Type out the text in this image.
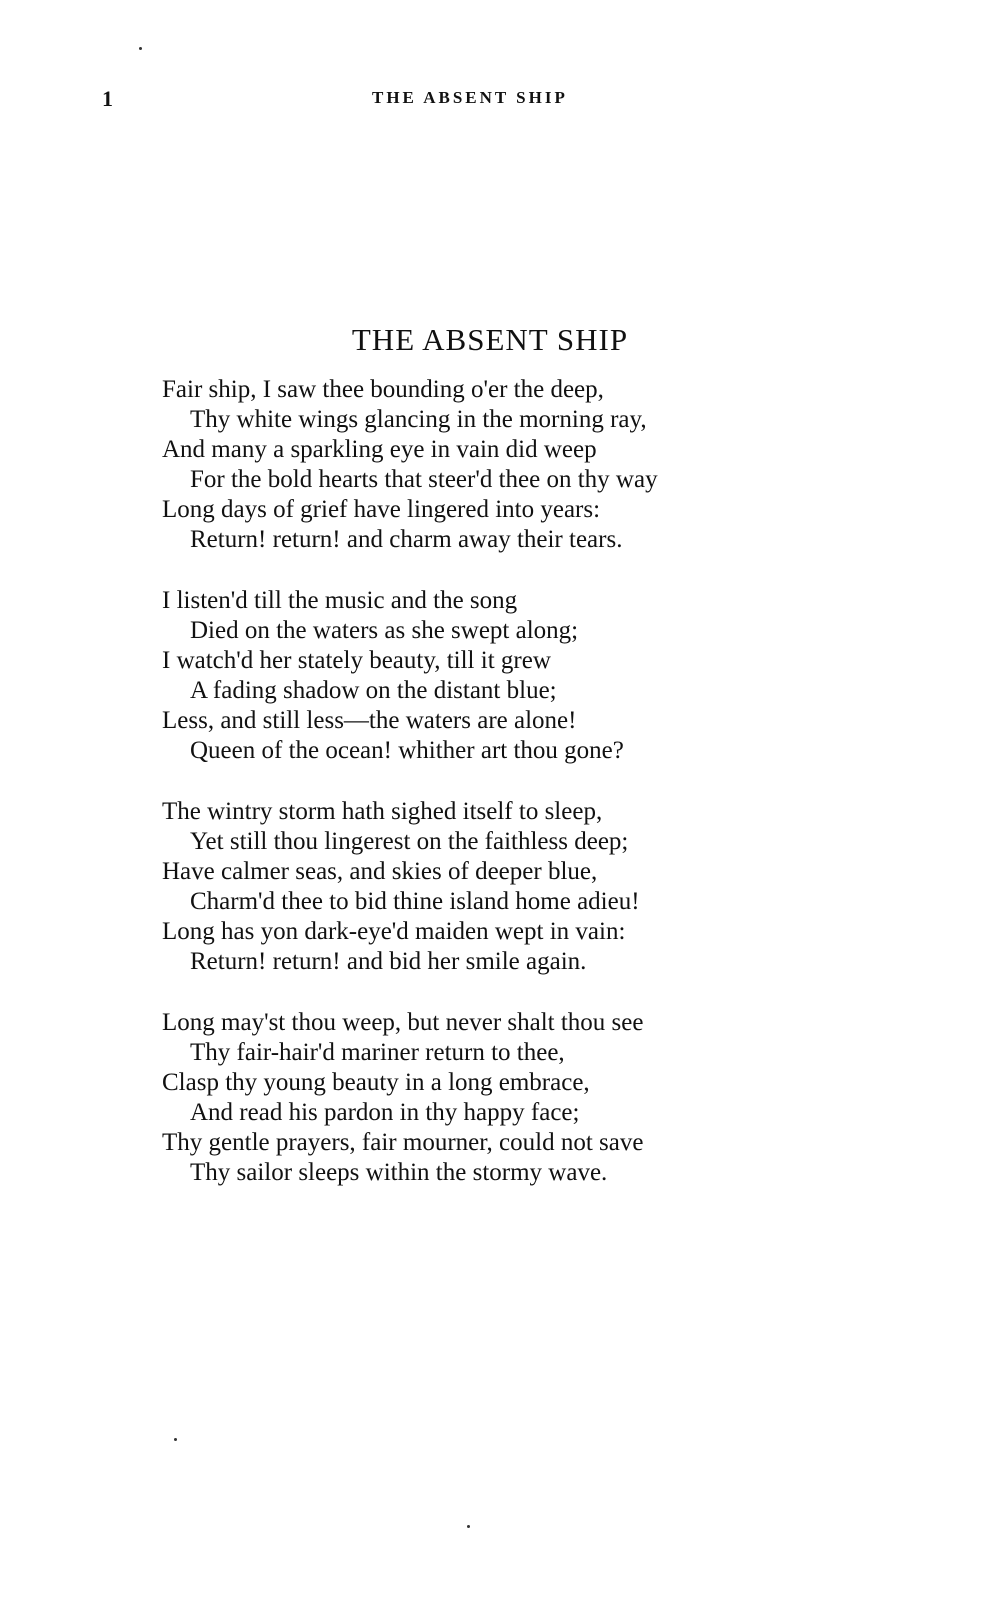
1	THE ABSENT SHIP
THE ABSENT SHIP
Fair ship, I saw thee bounding o'er the deep,
Thy white wings glancing in the morning ray,
And many a sparkling eye in vain did weep
For the bold hearts that steer'd thee on thy way
Long days of grief have lingered into years:
Return! return! and charm away their tears.
I listen'd till the music and the song
Died on the waters as she swept along;
I watch'd her stately beauty, till it grew
A fading shadow on the distant blue;
Less, and still less—the waters are alone!
Queen of the ocean! whither art thou gone?
The wintry storm hath sighed itself to sleep,
Yet still thou lingerest on the faithless deep;
Have calmer seas, and skies of deeper blue,
Charm'd thee to bid thine island home adieu!
Long has yon dark-eye'd maiden wept in vain:
Return! return! and bid her smile again.
Long may'st thou weep, but never shalt thou see
Thy fair-hair'd mariner return to thee,
Clasp thy young beauty in a long embrace,
And read his pardon in thy happy face;
Thy gentle prayers, fair mourner, could not save
Thy sailor sleeps within the stormy wave.
